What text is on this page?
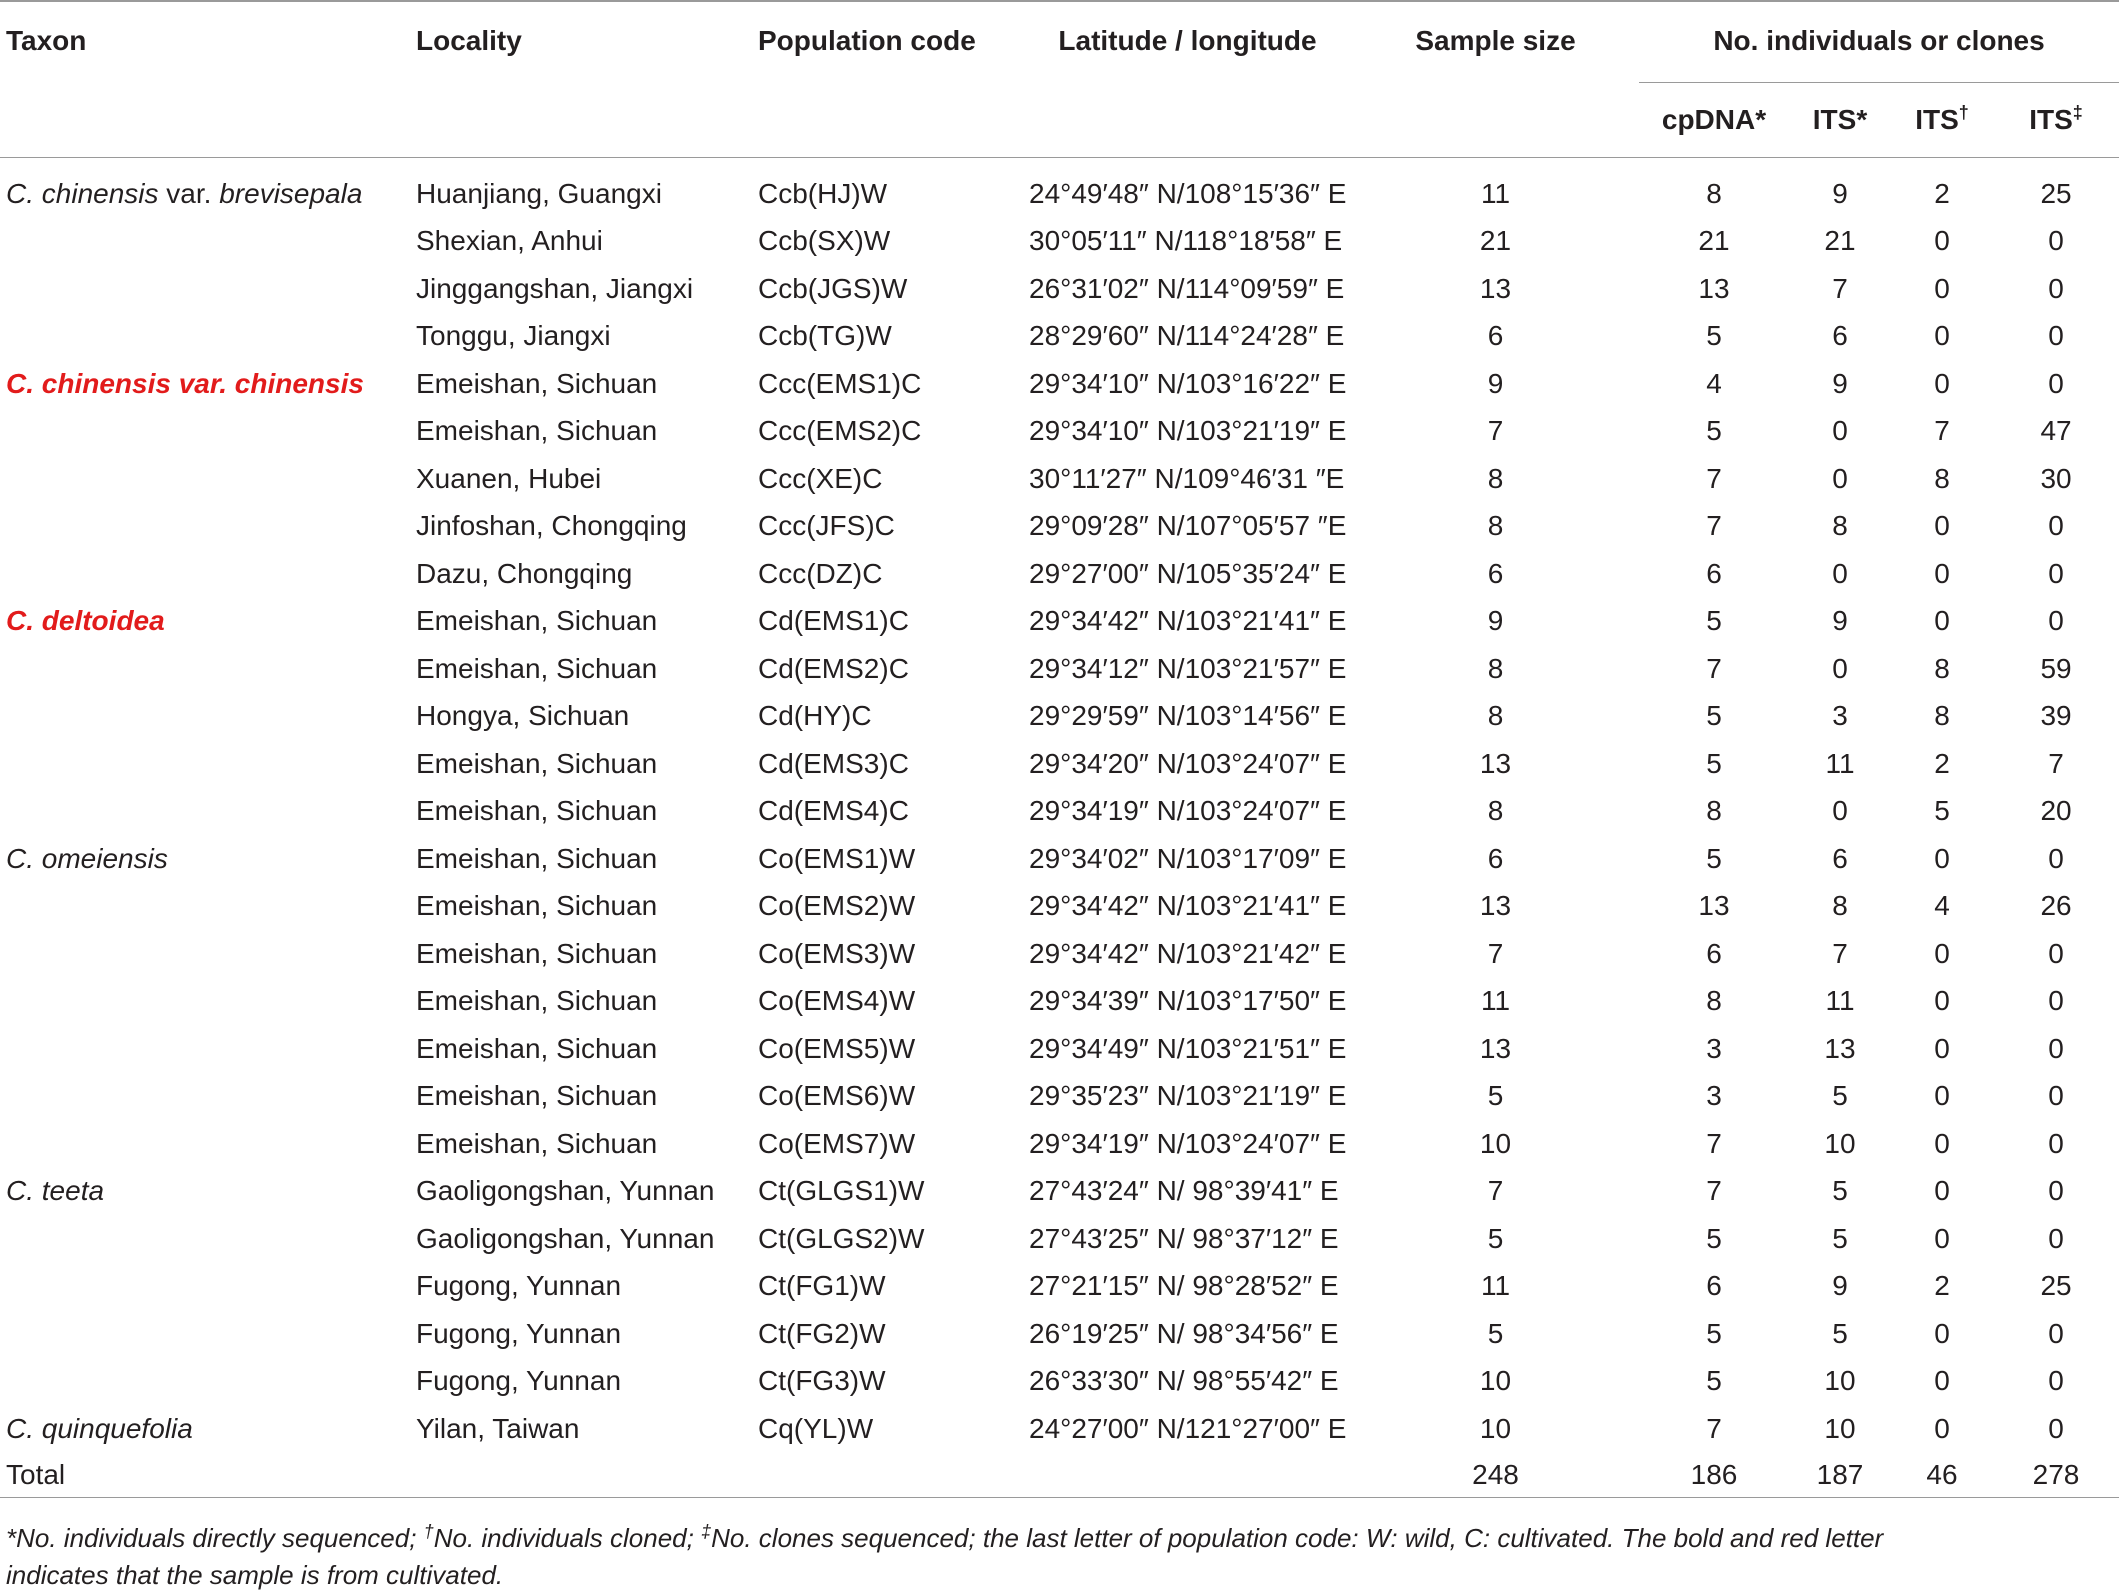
Taxon	Locality	Population code	Latitude / longitude	Sample size	No. individuals or clones			
					cpDNA*	ITS*	ITS†	ITS‡
C. chinensis var. brevisepala	Huanjiang, Guangxi	Ccb(HJ)W	24°49′48″ N/108°15′36″ E	11	8	9	2	25
	Shexian, Anhui	Ccb(SX)W	30°05′11″ N/118°18′58″ E	21	21	21	0	0
	Jinggangshan, Jiangxi	Ccb(JGS)W	26°31′02″ N/114°09′59″ E	13	13	7	0	0
	Tonggu, Jiangxi	Ccb(TG)W	28°29′60″ N/114°24′28″ E	6	5	6	0	0
C. chinensis var. chinensis	Emeishan, Sichuan	Ccc(EMS1)C	29°34′10″ N/103°16′22″ E	9	4	9	0	0
	Emeishan, Sichuan	Ccc(EMS2)C	29°34′10″ N/103°21′19″ E	7	5	0	7	47
	Xuanen, Hubei	Ccc(XE)C	30°11′27″ N/109°46′31 ″E	8	7	0	8	30
	Jinfoshan, Chongqing	Ccc(JFS)C	29°09′28″ N/107°05′57 ″E	8	7	8	0	0
	Dazu, Chongqing	Ccc(DZ)C	29°27′00″ N/105°35′24″ E	6	6	0	0	0
C. deltoidea	Emeishan, Sichuan	Cd(EMS1)C	29°34′42″ N/103°21′41″ E	9	5	9	0	0
	Emeishan, Sichuan	Cd(EMS2)C	29°34′12″ N/103°21′57″ E	8	7	0	8	59
	Hongya, Sichuan	Cd(HY)C	29°29′59″ N/103°14′56″ E	8	5	3	8	39
	Emeishan, Sichuan	Cd(EMS3)C	29°34′20″ N/103°24′07″ E	13	5	11	2	7
	Emeishan, Sichuan	Cd(EMS4)C	29°34′19″ N/103°24′07″ E	8	8	0	5	20
C. omeiensis	Emeishan, Sichuan	Co(EMS1)W	29°34′02″ N/103°17′09″ E	6	5	6	0	0
	Emeishan, Sichuan	Co(EMS2)W	29°34′42″ N/103°21′41″ E	13	13	8	4	26
	Emeishan, Sichuan	Co(EMS3)W	29°34′42″ N/103°21′42″ E	7	6	7	0	0
	Emeishan, Sichuan	Co(EMS4)W	29°34′39″ N/103°17′50″ E	11	8	11	0	0
	Emeishan, Sichuan	Co(EMS5)W	29°34′49″ N/103°21′51″ E	13	3	13	0	0
	Emeishan, Sichuan	Co(EMS6)W	29°35′23″ N/103°21′19″ E	5	3	5	0	0
	Emeishan, Sichuan	Co(EMS7)W	29°34′19″ N/103°24′07″ E	10	7	10	0	0
C. teeta	Gaoligongshan, Yunnan	Ct(GLGS1)W	27°43′24″ N/ 98°39′41″ E	7	7	5	0	0
	Gaoligongshan, Yunnan	Ct(GLGS2)W	27°43′25″ N/ 98°37′12″ E	5	5	5	0	0
	Fugong, Yunnan	Ct(FG1)W	27°21′15″ N/ 98°28′52″ E	11	6	9	2	25
	Fugong, Yunnan	Ct(FG2)W	26°19′25″ N/ 98°34′56″ E	5	5	5	0	0
	Fugong, Yunnan	Ct(FG3)W	26°33′30″ N/ 98°55′42″ E	10	5	10	0	0
C. quinquefolia	Yilan, Taiwan	Cq(YL)W	24°27′00″ N/121°27′00″ E	10	7	10	0	0
Total				248	186	187	46	278
*No. individuals directly sequenced; †No. individuals cloned; ‡No. clones sequenced; the last letter of population code: W: wild, C: cultivated. The bold and red letter
indicates that the sample is from cultivated.
